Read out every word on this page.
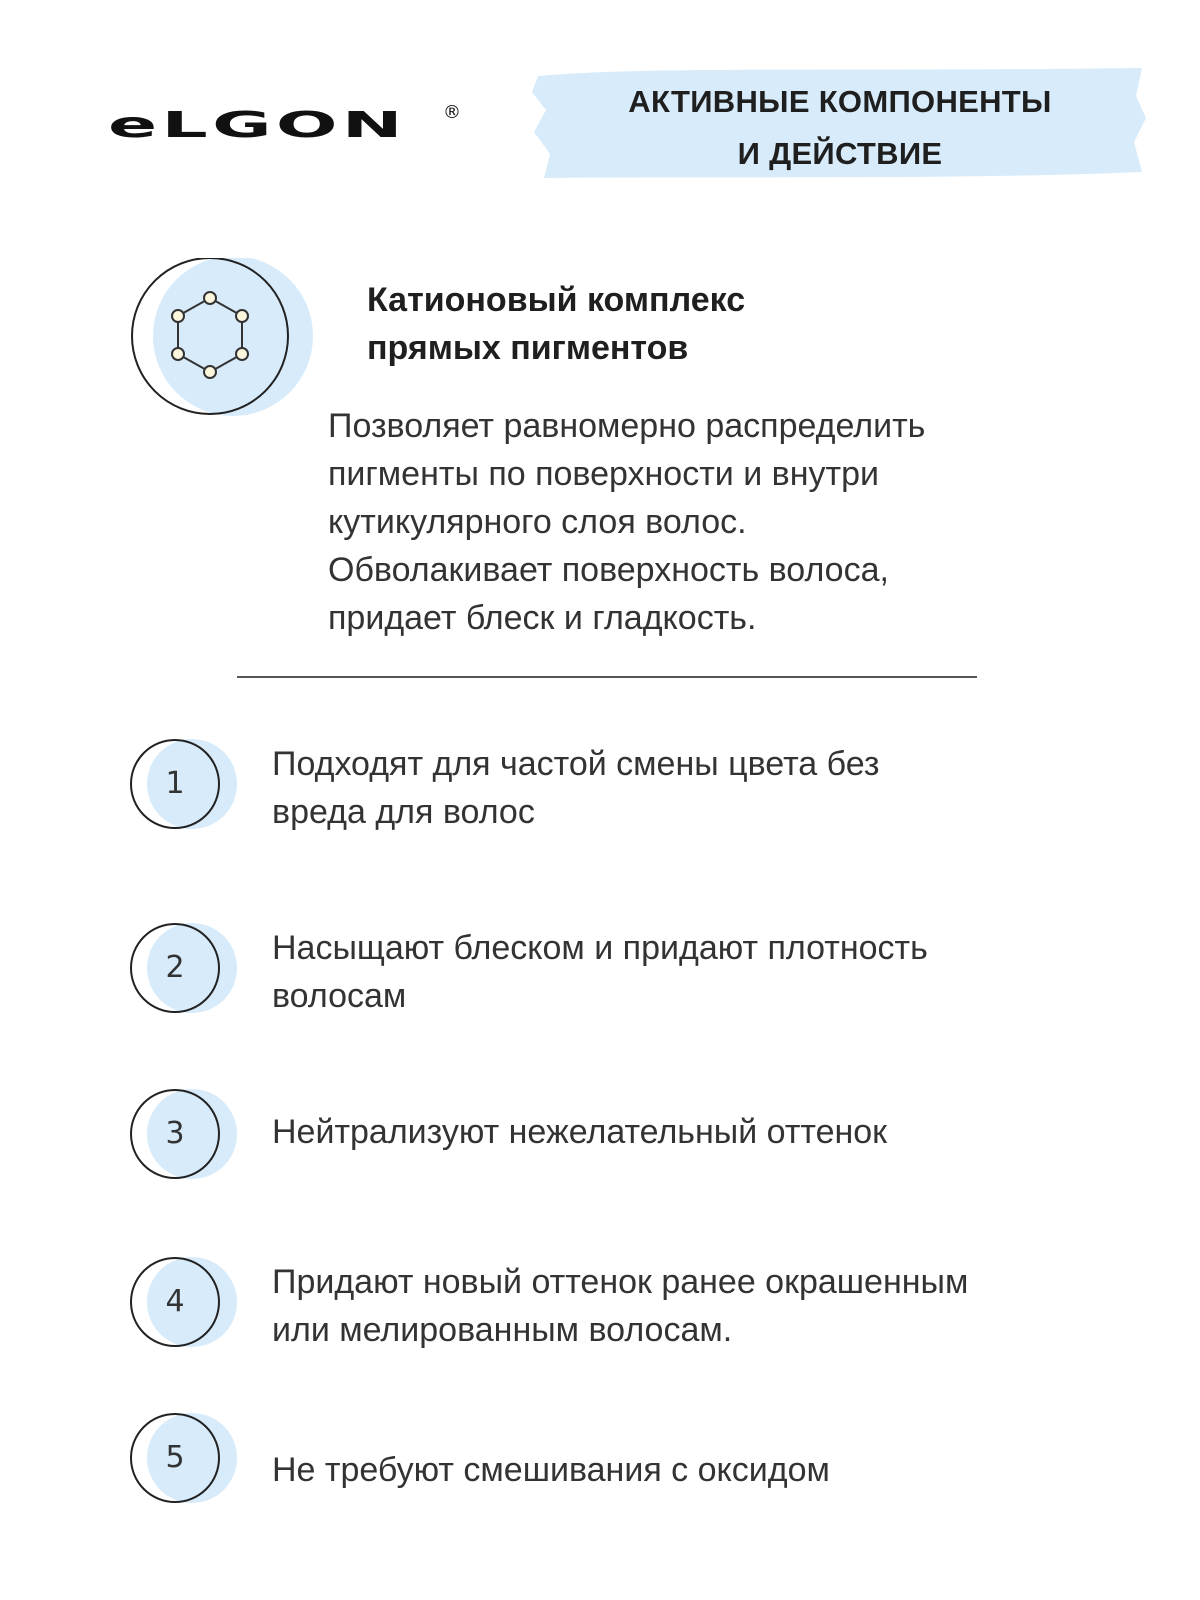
eLGON ®	АКТИВНЫЕ КОМПОНЕНТЫ
И ДЕЙСТВИЕ
Катионовый комплекс
прямых пигментов
Позволяет равномерно распределить
пигменты по поверхности и внутри
кутикулярного слоя волос.
Обволакивает поверхность волоса,
придает блеск и гладкость.
1
Подходят для частой смены цвета без
вреда для волос
2
Насыщают блеском и придают плотность
волосам
3	Нейтрализуют нежелательный оттенок
4
Придают новый оттенок ранее окрашенным
или мелированным волосам.
5	Не требуют смешивания с оксидом
